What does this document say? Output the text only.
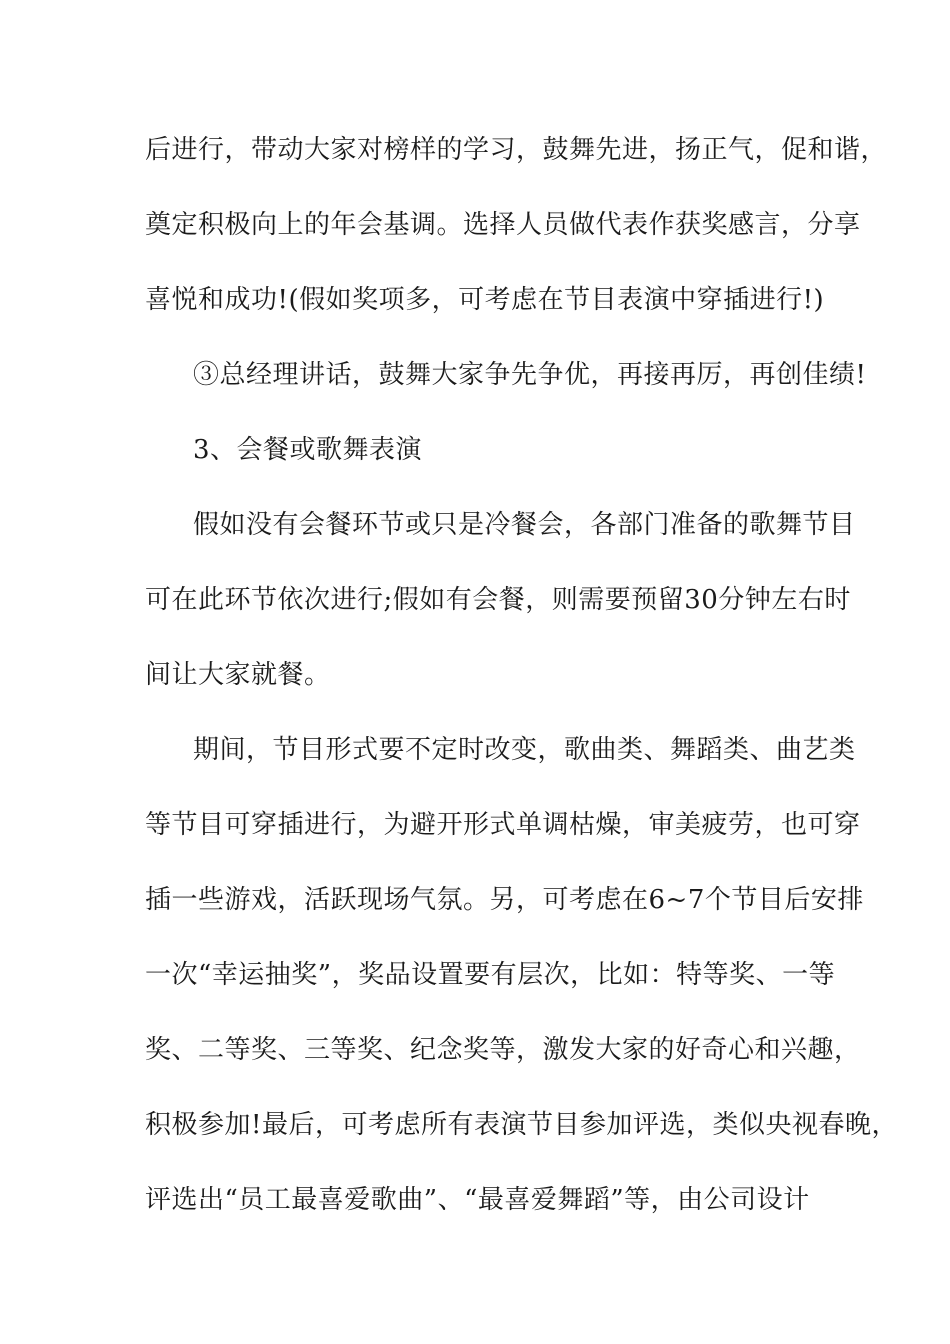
后进行，带动大家对榜样的学习，鼓舞先进，扬正气，促和谐，
奠定积极向上的年会基调。选择人员做代表作获奖感言，分享
喜悦和成功!(假如奖项多，可考虑在节目表演中穿插进行!)
③总经理讲话，鼓舞大家争先争优，再接再厉，再创佳绩!
3、会餐或歌舞表演
假如没有会餐环节或只是冷餐会，各部门准备的歌舞节目
可在此环节依次进行;假如有会餐，则需要预留30分钟左右时
间让大家就餐。
期间，节目形式要不定时改变，歌曲类、舞蹈类、曲艺类
等节目可穿插进行，为避开形式单调枯燥，审美疲劳，也可穿
插一些游戏，活跃现场气氛。另，可考虑在6~7个节目后安排
一次“幸运抽奖”，奖品设置要有层次，比如：特等奖、一等
奖、二等奖、三等奖、纪念奖等，激发大家的好奇心和兴趣，
积极参加!最后，可考虑所有表演节目参加评选，类似央视春晚，
评选出“员工最喜爱歌曲”、“最喜爱舞蹈”等，由公司设计
